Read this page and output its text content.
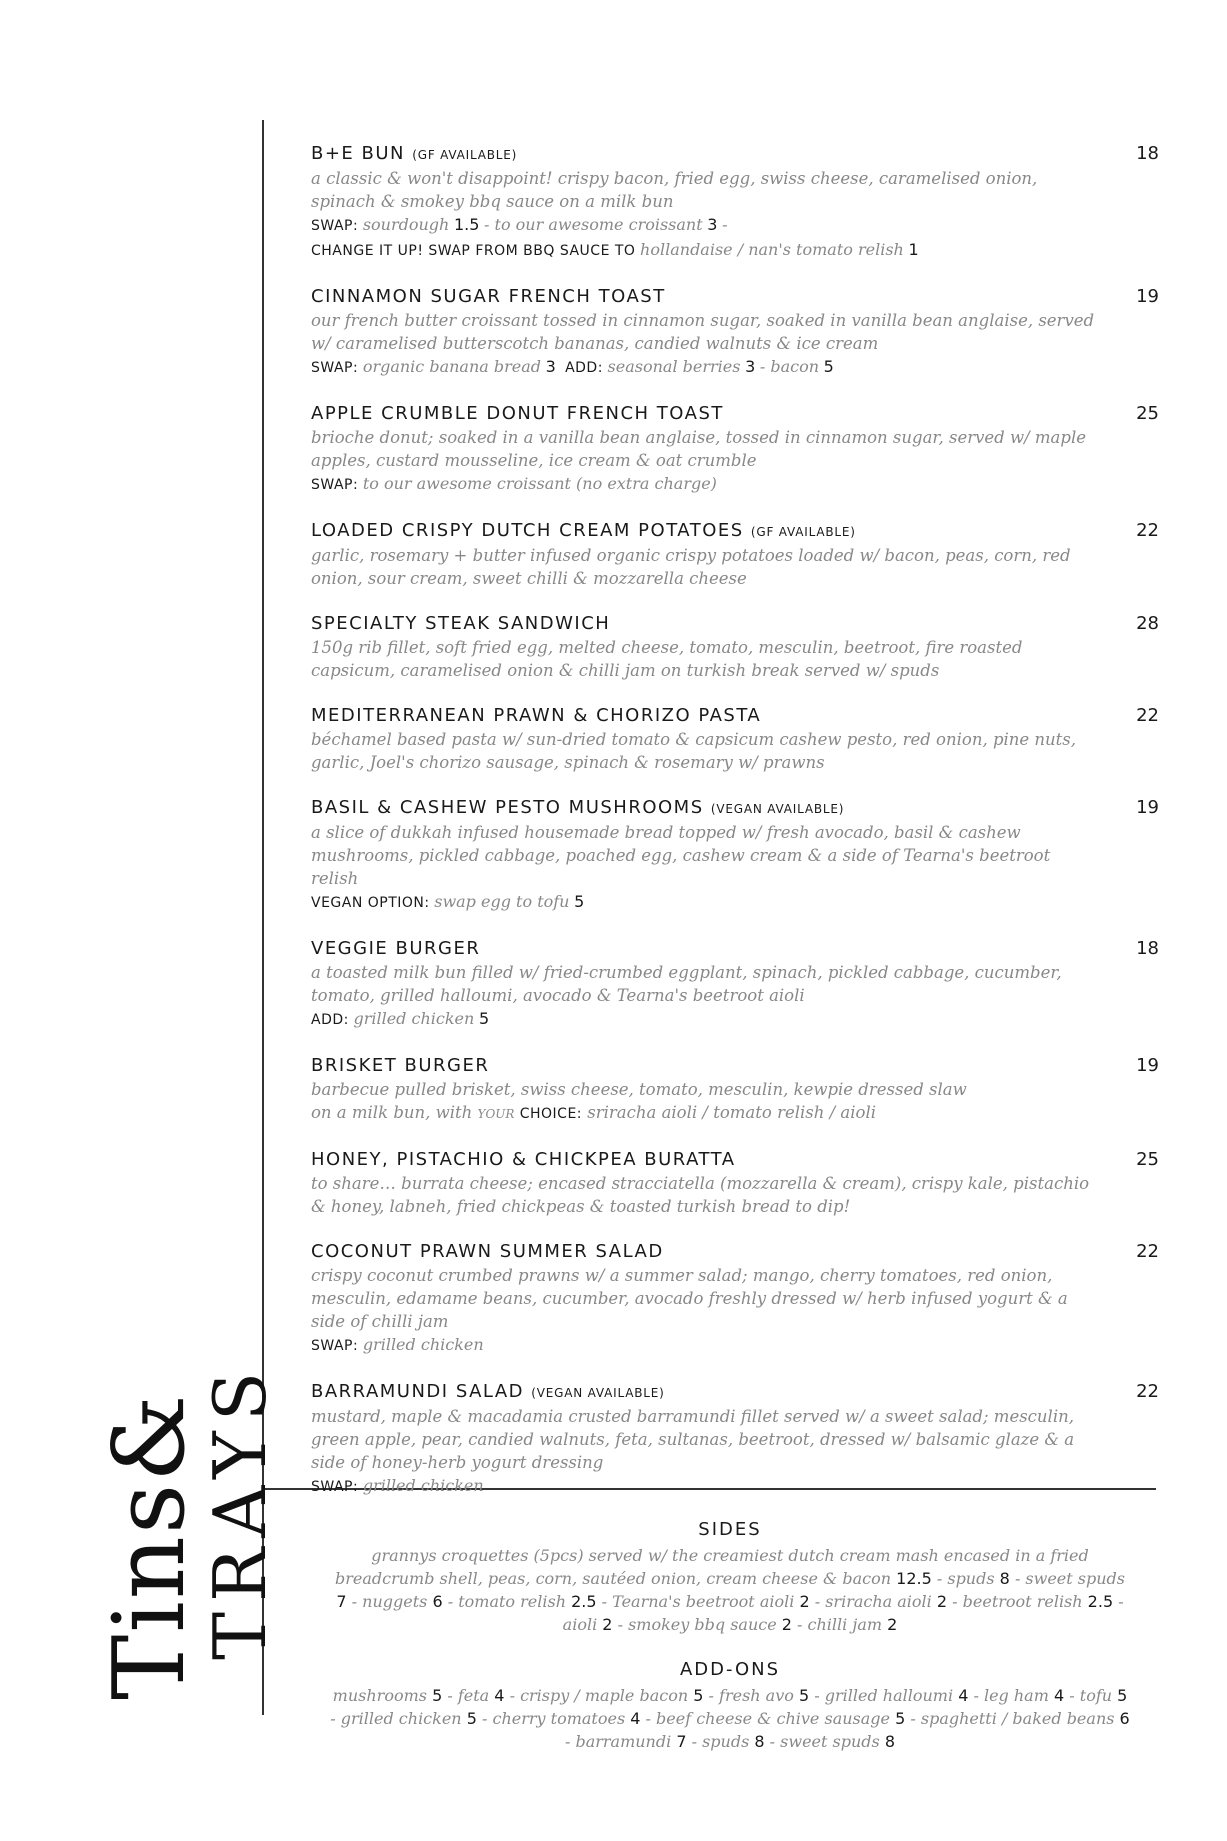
Tins&
TRAYS
B+E BUN (GF AVAILABLE)	18
a classic & won't disappoint! crispy bacon, fried egg, swiss cheese, caramelised onion, spinach & smokey bbq sauce on a milk bun
SWAP: sourdough 1.5 - to our awesome croissant 3 -
CHANGE IT UP! SWAP FROM BBQ SAUCE TO hollandaise / nan's tomato relish 1
CINNAMON SUGAR FRENCH TOAST	19
our french butter croissant tossed in cinnamon sugar, soaked in vanilla bean anglaise, served w/ caramelised butterscotch bananas, candied walnuts & ice cream
SWAP: organic banana bread 3 ADD: seasonal berries 3 - bacon 5
APPLE CRUMBLE DONUT FRENCH TOAST	25
brioche donut; soaked in a vanilla bean anglaise, tossed in cinnamon sugar, served w/ maple apples, custard mousseline, ice cream & oat crumble
SWAP: to our awesome croissant (no extra charge)
LOADED CRISPY DUTCH CREAM POTATOES (GF AVAILABLE)	22
garlic, rosemary + butter infused organic crispy potatoes loaded w/ bacon, peas, corn, red onion, sour cream, sweet chilli & mozzarella cheese
SPECIALTY STEAK SANDWICH	28
150g rib fillet, soft fried egg, melted cheese, tomato, mesculin, beetroot, fire roasted capsicum, caramelised onion & chilli jam on turkish break served w/ spuds
MEDITERRANEAN PRAWN & CHORIZO PASTA	22
béchamel based pasta w/ sun-dried tomato & capsicum cashew pesto, red onion, pine nuts, garlic, Joel's chorizo sausage, spinach & rosemary w/ prawns
BASIL & CASHEW PESTO MUSHROOMS (VEGAN AVAILABLE)	19
a slice of dukkah infused housemade bread topped w/ fresh avocado, basil & cashew mushrooms, pickled cabbage, poached egg, cashew cream & a side of Tearna's beetroot relish
VEGAN OPTION: swap egg to tofu 5
VEGGIE BURGER	18
a toasted milk bun filled w/ fried-crumbed eggplant, spinach, pickled cabbage, cucumber, tomato, grilled halloumi, avocado & Tearna's beetroot aioli
ADD: grilled chicken 5
BRISKET BURGER	19
barbecue pulled brisket, swiss cheese, tomato, mesculin, kewpie dressed slaw
on a milk bun, with YOUR CHOICE: sriracha aioli / tomato relish / aioli
HONEY, PISTACHIO & CHICKPEA BURATTA	25
to share… burrata cheese; encased stracciatella (mozzarella & cream), crispy kale, pistachio & honey, labneh, fried chickpeas & toasted turkish bread to dip!
COCONUT PRAWN SUMMER SALAD	22
crispy coconut crumbed prawns w/ a summer salad; mango, cherry tomatoes, red onion, mesculin, edamame beans, cucumber, avocado freshly dressed w/ herb infused yogurt & a side of chilli jam
SWAP: grilled chicken
BARRAMUNDI SALAD (VEGAN AVAILABLE)	22
mustard, maple & macadamia crusted barramundi fillet served w/ a sweet salad; mesculin, green apple, pear, candied walnuts, feta, sultanas, beetroot, dressed w/ balsamic glaze & a side of honey-herb yogurt dressing
SWAP: grilled chicken
SIDES
grannys croquettes (5pcs) served w/ the creamiest dutch cream mash encased in a fried breadcrumb shell, peas, corn, sautéed onion, cream cheese & bacon 12.5 - spuds 8 - sweet spuds 7 - nuggets 6 - tomato relish 2.5 - Tearna's beetroot aioli 2 - sriracha aioli 2 - beetroot relish 2.5 - aioli 2 - smokey bbq sauce 2 - chilli jam 2
ADD-ONS
mushrooms 5 - feta 4 - crispy / maple bacon 5 - fresh avo 5 - grilled halloumi 4 - leg ham 4 - tofu 5 - grilled chicken 5 - cherry tomatoes 4 - beef cheese & chive sausage 5 - spaghetti / baked beans 6 - barramundi 7 - spuds 8 - sweet spuds 8
